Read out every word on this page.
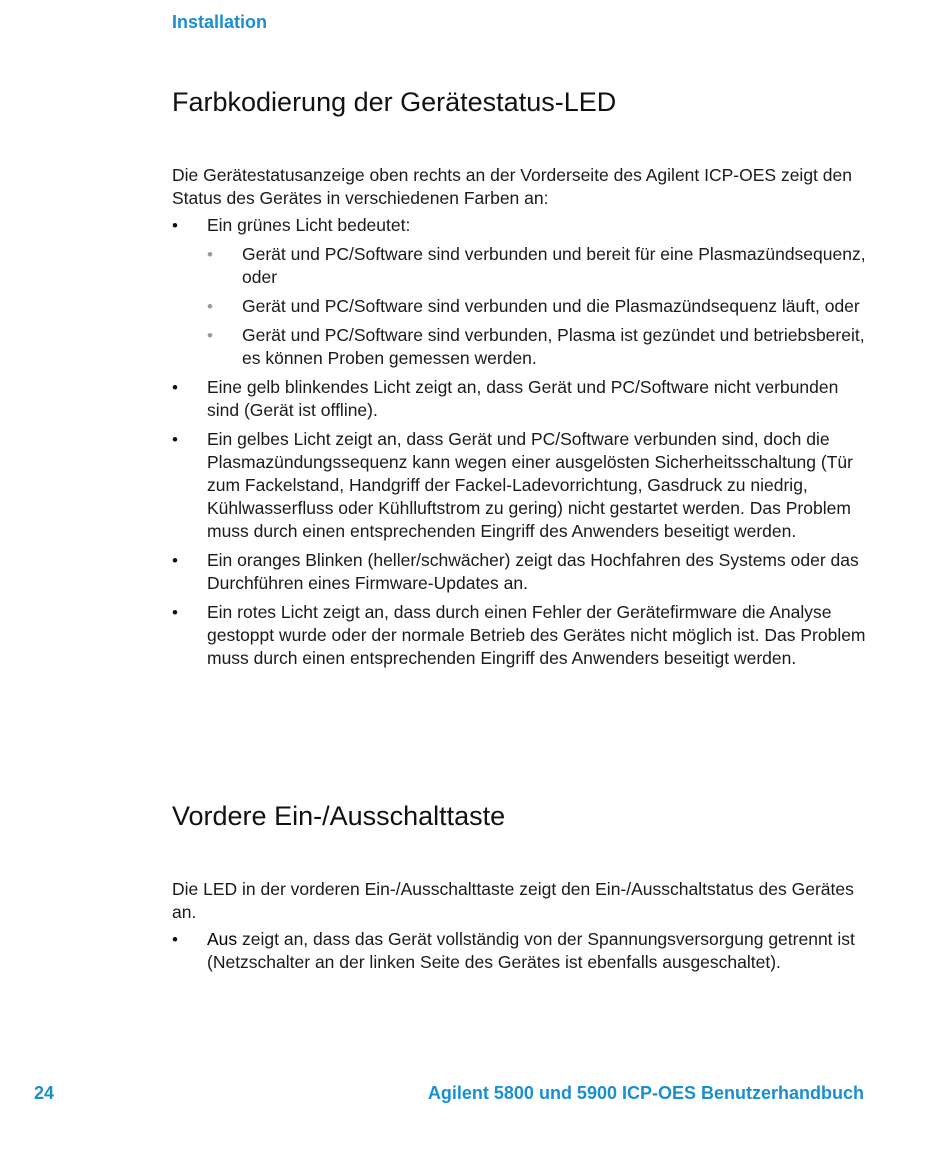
Installation
Farbkodierung der Gerätestatus-LED

Die Gerätestatusanzeige oben rechts an der Vorderseite des Agilent ICP-OES zeigt den Status des Gerätes in verschiedenen Farben an:

• Ein grünes Licht bedeutet:
• Gerät und PC/Software sind verbunden und bereit für eine Plasmazündsequenz, oder
• Gerät und PC/Software sind verbunden und die Plasmazündsequenz läuft, oder
• Gerät und PC/Software sind verbunden, Plasma ist gezündet und betriebsbereit, es können Proben gemessen werden.
• Eine gelb blinkendes Licht zeigt an, dass Gerät und PC/Software nicht verbunden sind (Gerät ist offline).
• Ein gelbes Licht zeigt an, dass Gerät und PC/Software verbunden sind, doch die Plasmazündungssequenz kann wegen einer ausgelösten Sicherheitsschaltung (Tür zum Fackelstand, Handgriff der Fackel-Ladevorrichtung, Gasdruck zu niedrig, Kühlwasserfluss oder Kühlluftstrom zu gering) nicht gestartet werden. Das Problem muss durch einen entsprechenden Eingriff des Anwenders beseitigt werden.
• Ein oranges Blinken (heller/schwächer) zeigt das Hochfahren des Systems oder das Durchführen eines Firmware-Updates an.
• Ein rotes Licht zeigt an, dass durch einen Fehler der Gerätefirmware die Analyse gestoppt wurde oder der normale Betrieb des Gerätes nicht möglich ist. Das Problem muss durch einen entsprechenden Eingriff des Anwenders beseitigt werden.
Vordere Ein-/Ausschalttaste

Die LED in der vorderen Ein-/Ausschalttaste zeigt den Ein-/Ausschaltstatus des Gerätes an.

• Aus zeigt an, dass das Gerät vollständig von der Spannungsversorgung getrennt ist (Netzschalter an der linken Seite des Gerätes ist ebenfalls ausgeschaltet).
24	Agilent 5800 und 5900 ICP-OES Benutzerhandbuch
